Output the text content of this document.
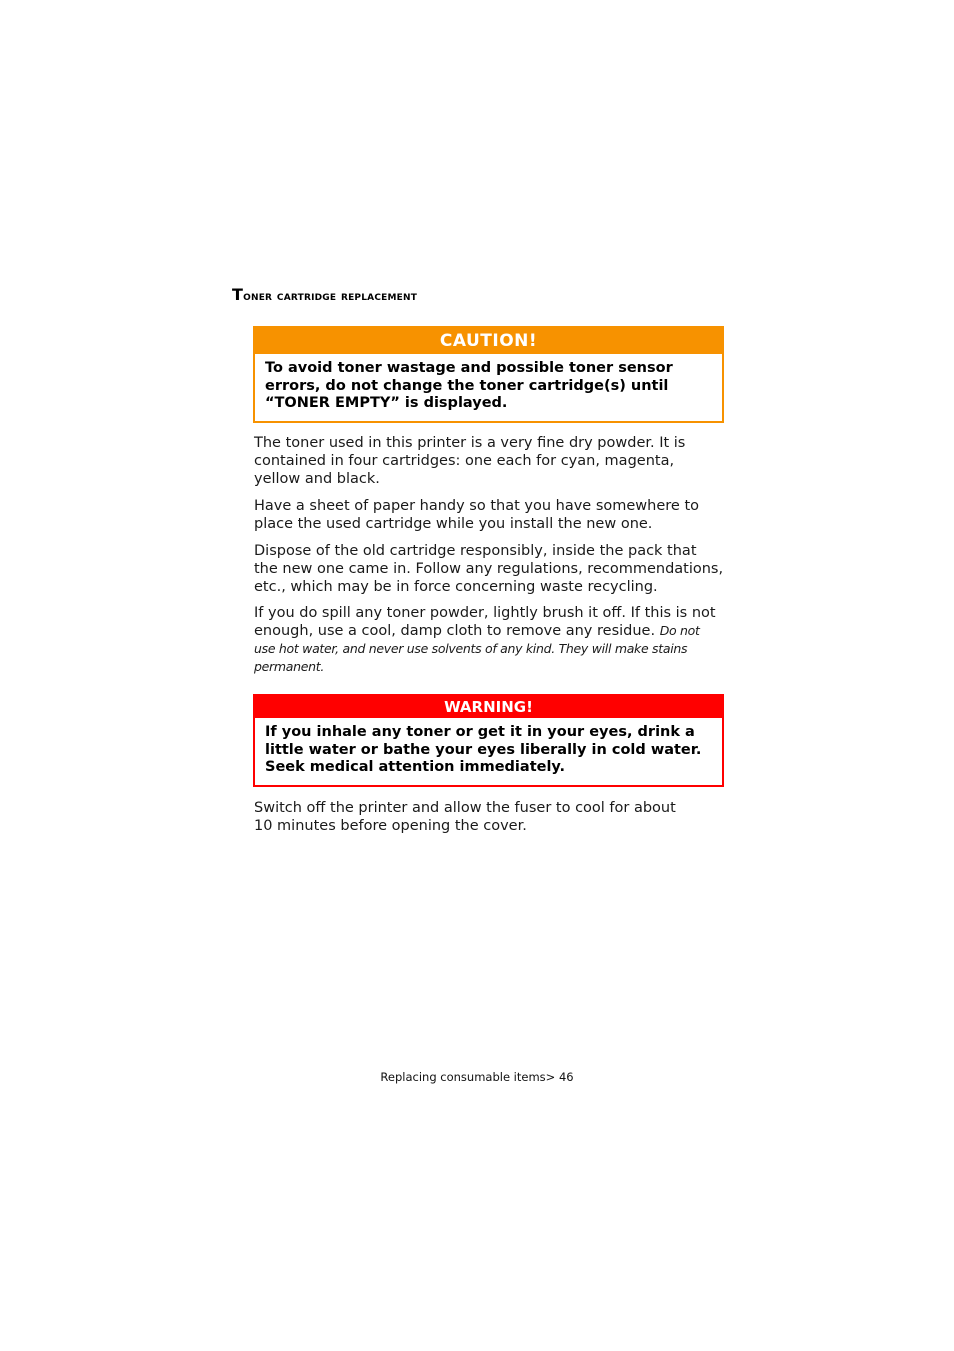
Toner cartridge replacement
CAUTION!
To avoid toner wastage and possible toner sensor errors, do not change the toner cartridge(s) until “TONER EMPTY” is displayed.

The toner used in this printer is a very fine dry powder. It is contained in four cartridges: one each for cyan, magenta, yellow and black.

Have a sheet of paper handy so that you have somewhere to place the used cartridge while you install the new one.

Dispose of the old cartridge responsibly, inside the pack that the new one came in. Follow any regulations, recommendations, etc., which may be in force concerning waste recycling.

If you do spill any toner powder, lightly brush it off. If this is not enough, use a cool, damp cloth to remove any residue. Do not use hot water, and never use solvents of any kind. They will make stains permanent.

WARNING!
If you inhale any toner or get it in your eyes, drink a little water or bathe your eyes liberally in cold water. Seek medical attention immediately.

Switch off the printer and allow the fuser to cool for about 10 minutes before opening the cover.

Replacing consumable items> 46
